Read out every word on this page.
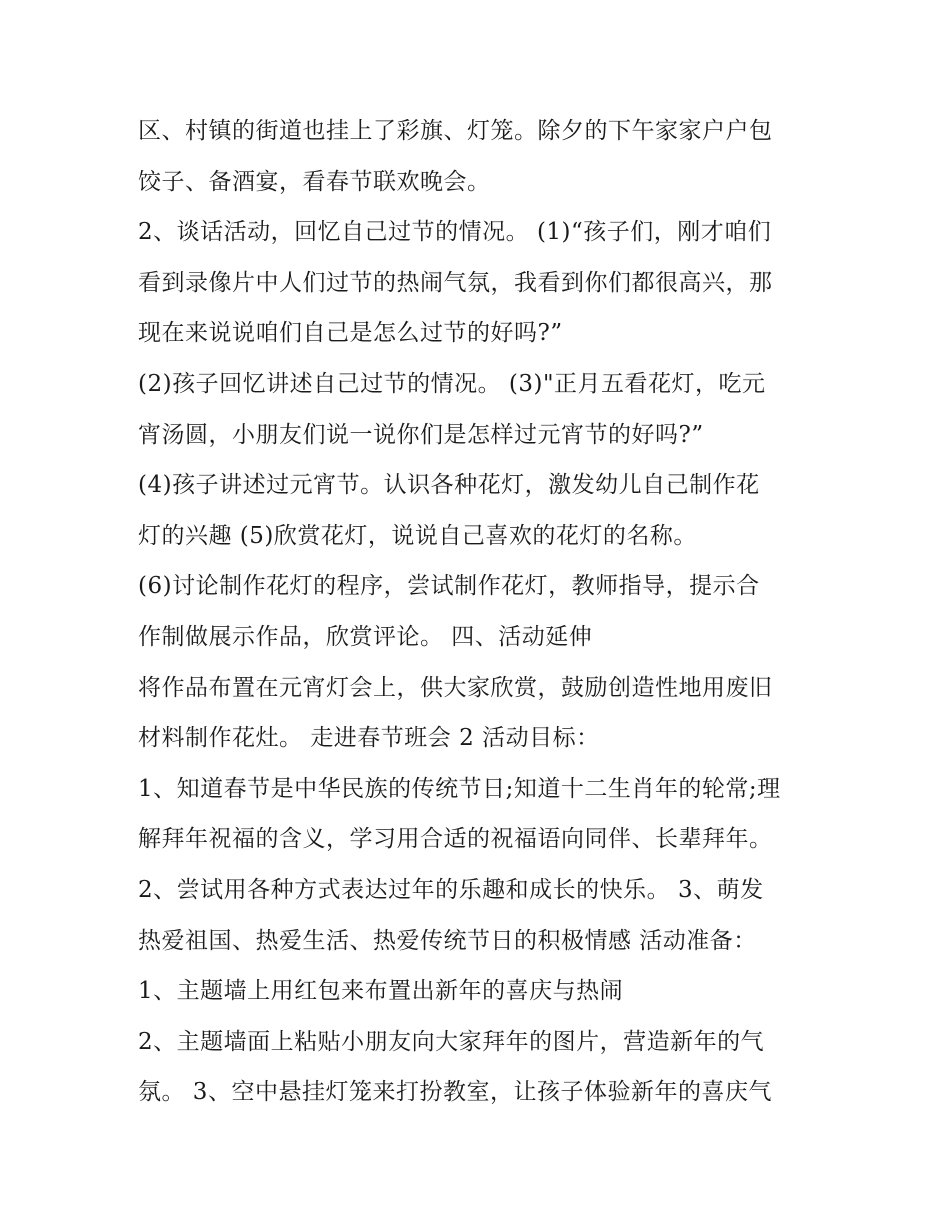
区、村镇的街道也挂上了彩旗、灯笼。除夕的下午家家户户包
饺子、备酒宴，看春节联欢晚会。
2、谈话活动，回忆自己过节的情况。 (1)“孩子们，刚才咱们
看到录像片中人们过节的热闹气氛，我看到你们都很高兴，那
现在来说说咱们自己是怎么过节的好吗?”
(2)孩子回忆讲述自己过节的情况。 (3)"正月五看花灯，吃元
宵汤圆，小朋友们说一说你们是怎样过元宵节的好吗?”
(4)孩子讲述过元宵节。认识各种花灯，激发幼儿自己制作花
灯的兴趣 (5)欣赏花灯，说说自己喜欢的花灯的名称。
(6)讨论制作花灯的程序，尝试制作花灯，教师指导，提示合
作制做展示作品，欣赏评论。 四、活动延伸
将作品布置在元宵灯会上，供大家欣赏，鼓励创造性地用废旧
材料制作花灶。 走进春节班会 2 活动目标：
1、知道春节是中华民族的传统节日;知道十二生肖年的轮常;理
解拜年祝福的含义，学习用合适的祝福语向同伴、长辈拜年。
2、尝试用各种方式表达过年的乐趣和成长的快乐。 3、萌发
热爱祖国、热爱生活、热爱传统节日的积极情感 活动准备：
1、主题墙上用红包来布置出新年的喜庆与热闹
2、主题墙面上粘贴小朋友向大家拜年的图片，营造新年的气
氛。 3、空中悬挂灯笼来打扮教室，让孩子体验新年的喜庆气
